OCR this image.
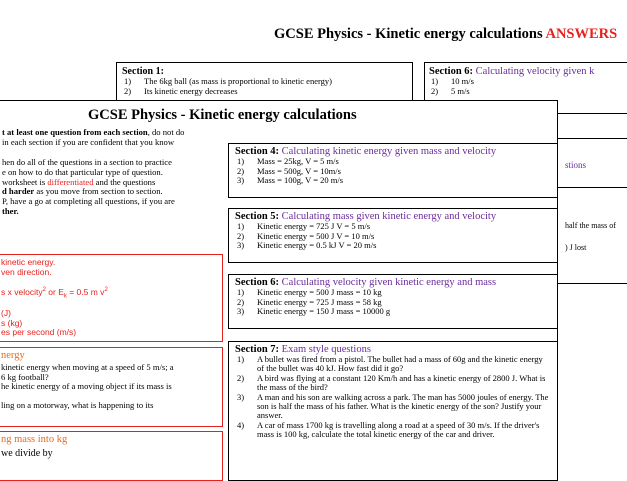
GCSE Physics - Kinetic energy calculations ANSWERS
Section 1:
1) The 6kg ball (as mass is proportional to kinetic energy)
2) Its kinetic energy decreases
Section 6: Calculating velocity given k
1) 10 m/s
2) 5 m/s
stions
half the mass of
) J lost
GCSE Physics - Kinetic energy calculations
t at least one question from each section, do not do
in each section if you are confident that you know
hen do all of the questions in a section to practice
e on how to do that particular type of question.
worksheet is differentiated and the questions
d harder as you move from section to section.
P, have a go at completing all questions, if you are
ther.
kinetic energy.
ven direction.
s x velocity$^2$ or $E_k = 0.5$ m $v^2$
(J)
s (kg)
es per second (m/s)
nergy
kinetic energy when moving at a speed of 5 m/s; a
6 kg football?
he kinetic energy of a moving object if its mass is
ling on a motorway, what is happening to its
ng mass into kg
we divide by
Section 4: Calculating kinetic energy given mass and velocity
1) Mass = 25kg, V = 5 m/s
2) Mass = 500g, V = 10m/s
3) Mass = 100g, V = 20 m/s
Section 5: Calculating mass given kinetic energy and velocity
1) Kinetic energy = 725 J V = 5 m/s
2) Kinetic energy = 500 J V = 10 m/s
3) Kinetic energy = 0.5 kJ V = 20 m/s
Section 6: Calculating velocity given kinetic energy and mass
1) Kinetic energy = 500 J mass = 10 kg
2) Kinetic energy = 725 J mass = 58 kg
3) Kinetic energy = 150 J mass = 10000 g
Section 7: Exam style questions
1) A bullet was fired from a pistol. The bullet had a mass of 60g and the kinetic energy of the bullet was 40 kJ. How fast did it go?
2) A bird was flying at a constant 120 Km/h and has a kinetic energy of 2800 J. What is the mass of the bird?
3) A man and his son are walking across a park. The man has 5000 joules of energy. The son is half the mass of his father. What is the kinetic energy of the son? Justify your answer.
4) A car of mass 1700 kg is travelling along a road at a speed of 30 m/s. If the driver's mass is 100 kg, calculate the total kinetic energy of the car and driver.
